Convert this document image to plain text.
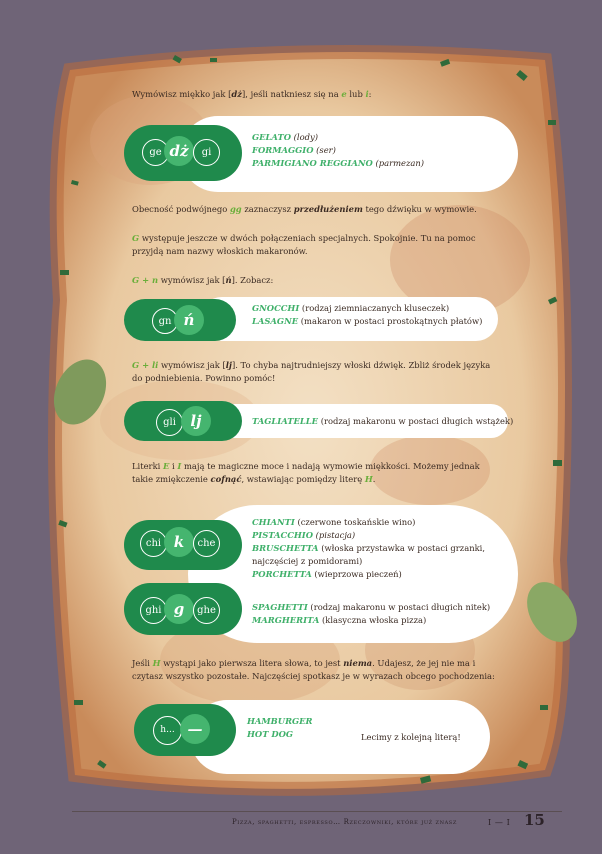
Wymówisz miękko jak [dż], jeśli natkniesz się na e lub i:
ge dż	gi
GELATO (lody)
FORMAGGIO (ser)
PARMIGIANO REGGIANO (parmezan)
Obecność podwójnego gg zaznaczysz przedłużeniem tego dźwięku w wymowie.
G występuje jeszcze w dwóch połączeniach specjalnych. Spokojnie. Tu na pomoc przyjdą nam nazwy włoskich makaronów.
G + n wymówisz jak [ń]. Zobacz:
gn ń
GNOCCHI (rodzaj ziemniaczanych kluseczek)
LASAGNE (makaron w postaci prostokątnych płatów)
G + li wymówisz jak [lj]. To chyba najtrudniejszy włoski dźwięk. Zbliż środek języka do podniebienia. Powinno pomóc!
gli lj	TAGLIATELLE (rodzaj makaronu w postaci długich wstążek)
Literki E i I mają te magiczne moce i nadają wymowie miękkości. Możemy jednak takie zmiękczenie cofnąć, wstawiając pomiędzy literę H.
chi k	che
ghi g	ghe
CHIANTI (czerwone toskańskie wino)
PISTACCHIO (pistacja)
BRUSCHETTA (włoska przystawka w postaci grzanki,
najczęściej z pomidorami)
PORCHETTA (wieprzowa pieczeń)
SPAGHETTI (rodzaj makaronu w postaci długich nitek)
MARGHERITA (klasyczna włoska pizza)
Jeśli H wystąpi jako pierwsza litera słowa, to jest niema. Udajesz, że jej nie ma i czytasz wszystko pozostałe. Najczęściej spotkasz je w wyrazach obcego pochodzenia:
h... —	HAMBURGER
HOT DOG	Lecimy z kolejną literą!
Pizza, spaghetti, espresso… Rzeczowniki, które już znasz	I — I 15
